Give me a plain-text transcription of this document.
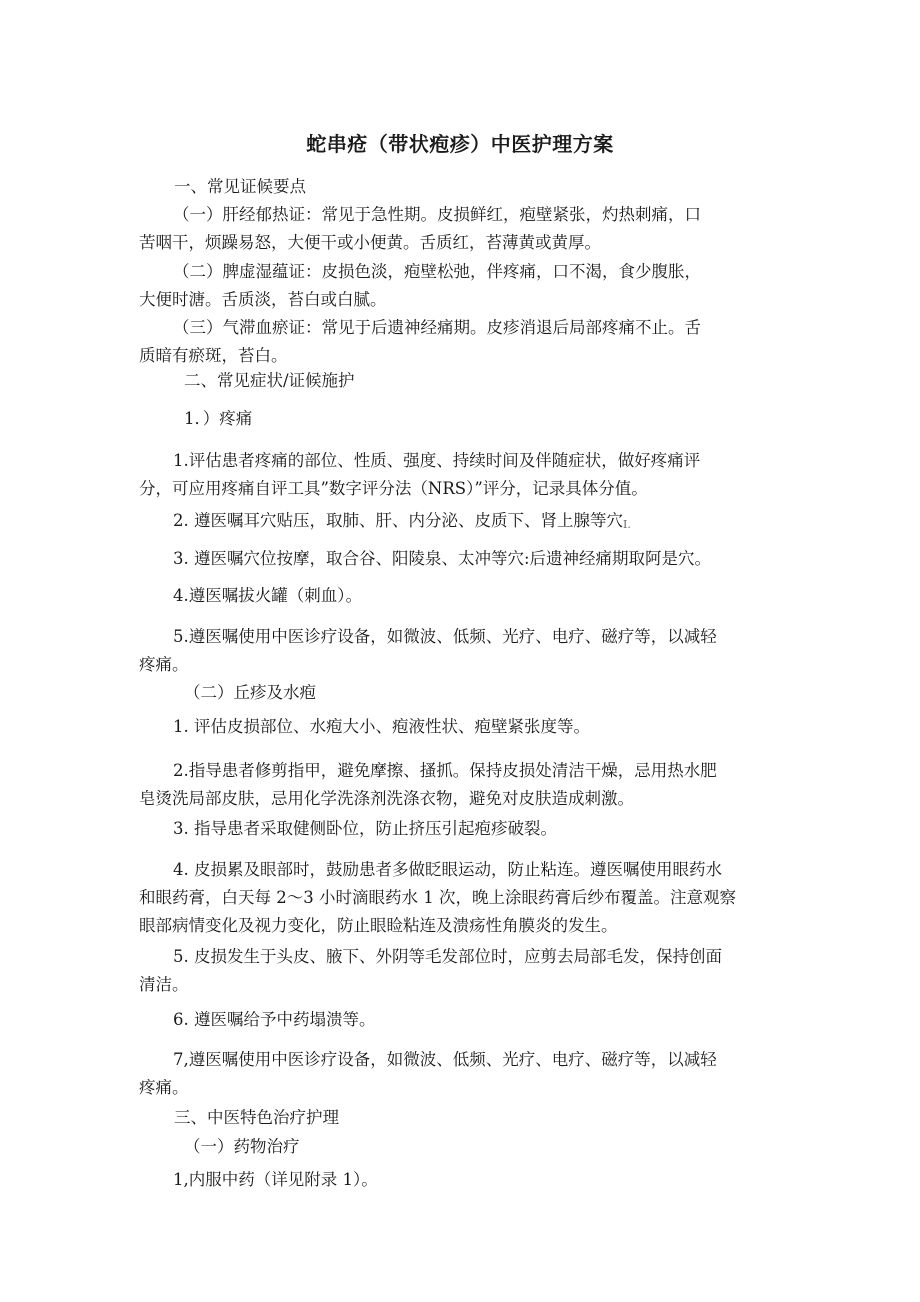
蛇串疮（带状疱疹）中医护理方案
一、常见证候要点
（一）肝经郁热证：常见于急性期。皮损鲜红，疱壁紧张，灼热刺痛，口
苦咽干，烦躁易怒，大便干或小便黄。舌质红，苔薄黄或黄厚。
（二）脾虚湿蕴证：皮损色淡，疱壁松弛，伴疼痛，口不渴，食少腹胀，
大便时溏。舌质淡，苔白或白腻。
（三）气滞血瘀证：常见于后遗神经痛期。皮疹消退后局部疼痛不止。舌
质暗有瘀斑，苔白。
二、常见症状/证候施护
1．）疼痛
1.评估患者疼痛的部位、性质、强度、持续时间及伴随症状，做好疼痛评
分，可应用疼痛自评工具”数字评分法（NRS）”评分，记录具体分值。
2. 遵医嘱耳穴贴压，取肺、肝、内分泌、皮质下、肾上腺等穴I.
3. 遵医嘱穴位按摩，取合谷、阳陵泉、太冲等穴:后遗神经痛期取阿是穴。
4.遵医嘱拔火罐（刺血）。
5.遵医嘱使用中医诊疗设备，如微波、低频、光疗、电疗、磁疗等，以减轻
疼痛。
（二）丘疹及水疱
1. 评估皮损部位、水疱大小、疱液性状、疱壁紧张度等。
2.指导患者修剪指甲，避免摩擦、搔抓。保持皮损处清洁干燥，忌用热水肥
皂烫洗局部皮肤，忌用化学洗涤剂洗涤衣物，避免对皮肤造成刺激。
3. 指导患者采取健侧卧位，防止挤压引起疱疹破裂。
4. 皮损累及眼部时，鼓励患者多做眨眼运动，防止粘连。遵医嘱使用眼药水
和眼药膏，白天每 2～3 小时滴眼药水 1 次，晚上涂眼药膏后纱布覆盖。注意观察
眼部病情变化及视力变化，防止眼睑粘连及溃疡性角膜炎的发生。
5. 皮损发生于头皮、腋下、外阴等毛发部位时，应剪去局部毛发，保持创面
清洁。
6. 遵医嘱给予中药塌溃等。
7,遵医嘱使用中医诊疗设备，如微波、低频、光疗、电疗、磁疗等，以减轻
疼痛。
三、中医特色治疗护理
（一）药物治疗
1,内服中药（详见附录 1）。
